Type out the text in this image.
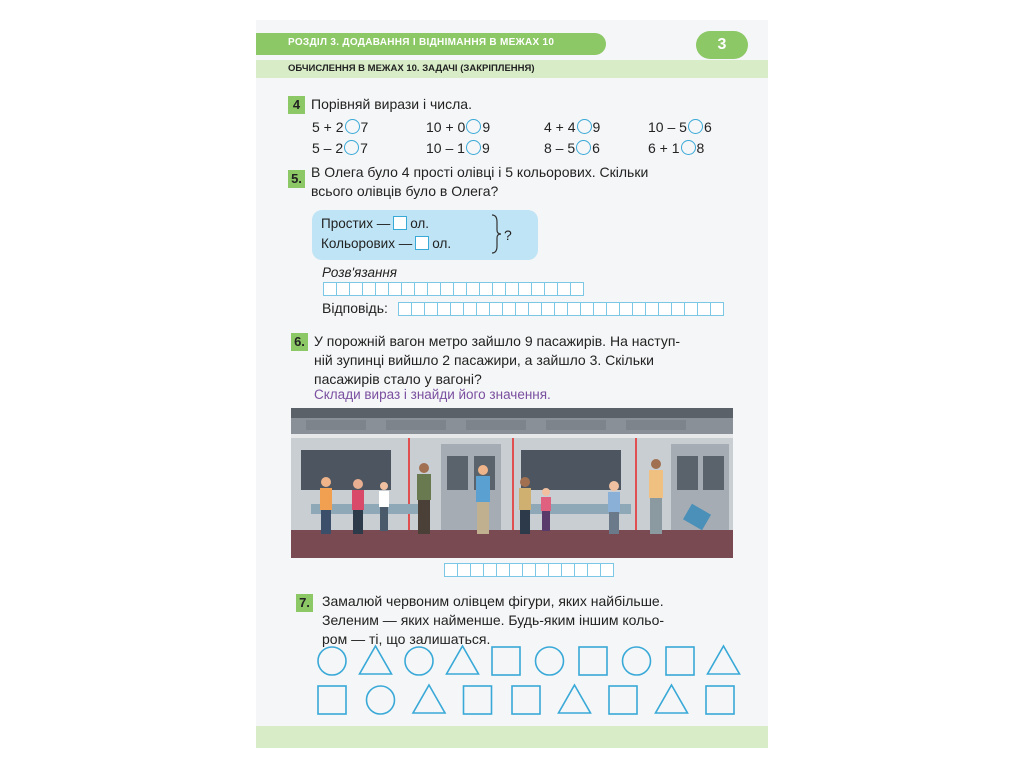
РОЗДІЛ 3. ДОДАВАННЯ І ВІДНІМАННЯ В МЕЖАХ 10	3
ОБЧИСЛЕННЯ В МЕЖАХ 10. ЗАДАЧІ (ЗАКРІПЛЕННЯ)
4 Порівняй вирази і числа.
5 + 2 7	10 + 0 9	4 + 4 9	10 – 5 6
5 – 2 7	10 – 1 9	8 – 5 6	6 + 1 8
5. В Олега було 4 прості олівці і 5 кольорових. Скільки
всього олівців було в Олега?
Простих — ол.
Кольорових — ол.
?
Розв'язання
Відповідь:
6. У порожній вагон метро зайшло 9 пасажирів. На наступ-
ній зупинці вийшло 2 пасажири, а зайшло 3. Скільки
пасажирів стало у вагоні?
Склади вираз і знайди його значення.
7. Замалюй червоним олівцем фігури, яких найбільше.
Зеленим — яких найменше. Будь-яким іншим кольо-
ром — ті, що залишаться.
